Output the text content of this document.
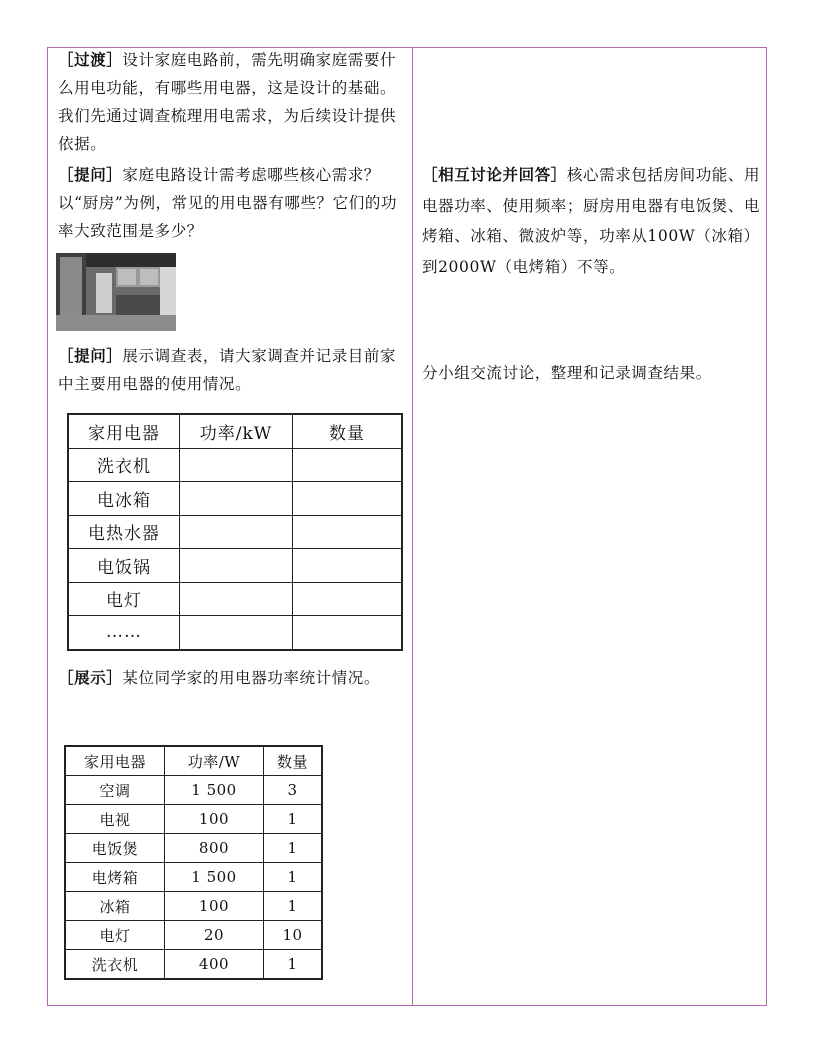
［过渡］设计家庭电路前，需先明确家庭需要什么用电功能，有哪些用电器，这是设计的基础。我们先通过调查梳理用电需求，为后续设计提供依据。

［提问］家庭电路设计需考虑哪些核心需求？以“厨房”为例，常见的用电器有哪些？它们的功率大致范围是多少？

［提问］展示调查表，请大家调查并记录目前家中主要用电器的使用情况。

家用电器	功率/kW	数量
洗衣机		
电冰箱		
电热水器		
电饭锅		
电灯		
……		

［展示］某位同学家的用电器功率统计情况。

家用电器	功率/W	数量
空调	1 500	3
电视	100	1
电饭煲	800	1
电烤箱	1 500	1
冰箱	100	1
电灯	20	10
洗衣机	400	1

［相互讨论并回答］核心需求包括房间功能、用电器功率、使用频率；厨房用电器有电饭煲、电烤箱、冰箱、微波炉等，功率从100W（冰箱）到2000W（电烤箱）不等。

分小组交流讨论，整理和记录调查结果。
